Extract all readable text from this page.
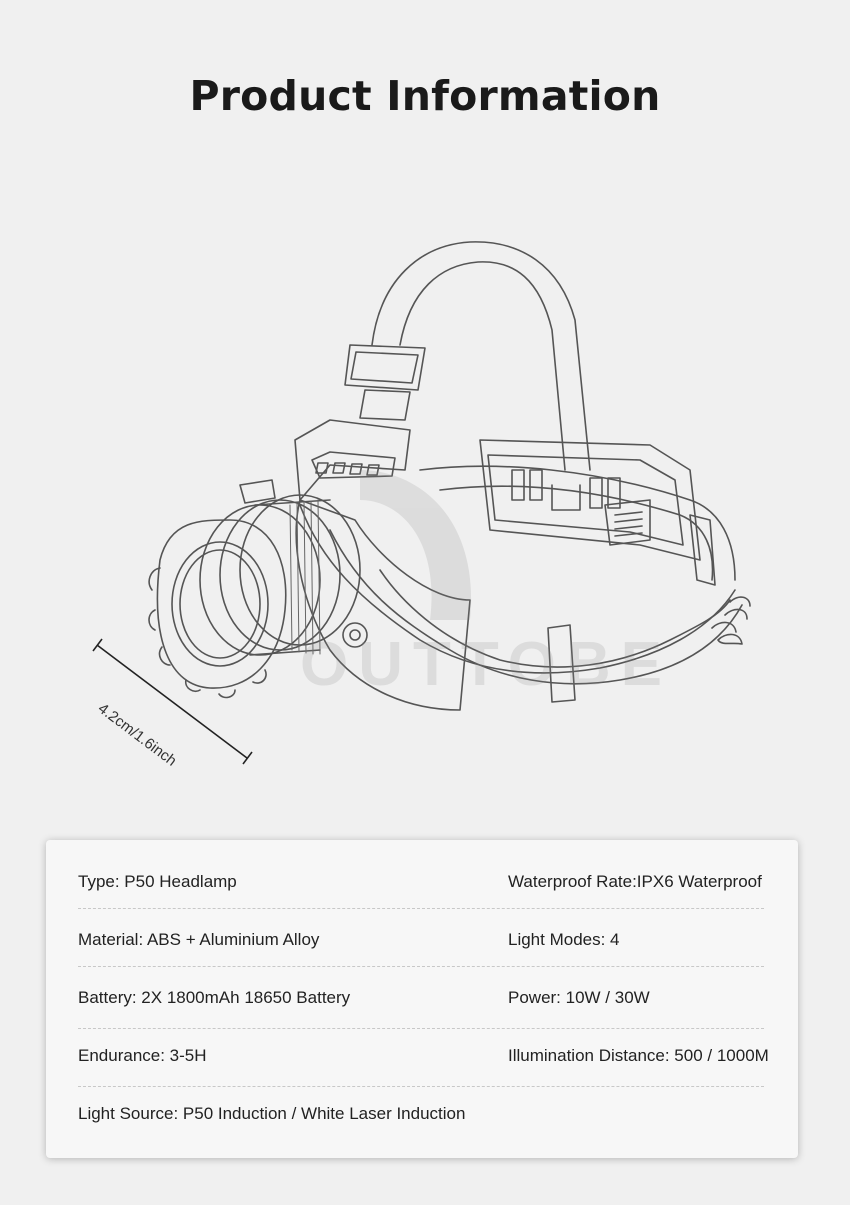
Product Information
OUTTOBE
4.2cm/1.6inch
Type: P50 Headlamp	Waterproof Rate:IPX6 Waterproof
Material: ABS + Aluminium Alloy	Light Modes: 4
Battery: 2X 1800mAh 18650 Battery	Power: 10W / 30W
Endurance: 3-5H	Illumination Distance: 500 / 1000M
Light Source: P50 Induction / White Laser Induction
